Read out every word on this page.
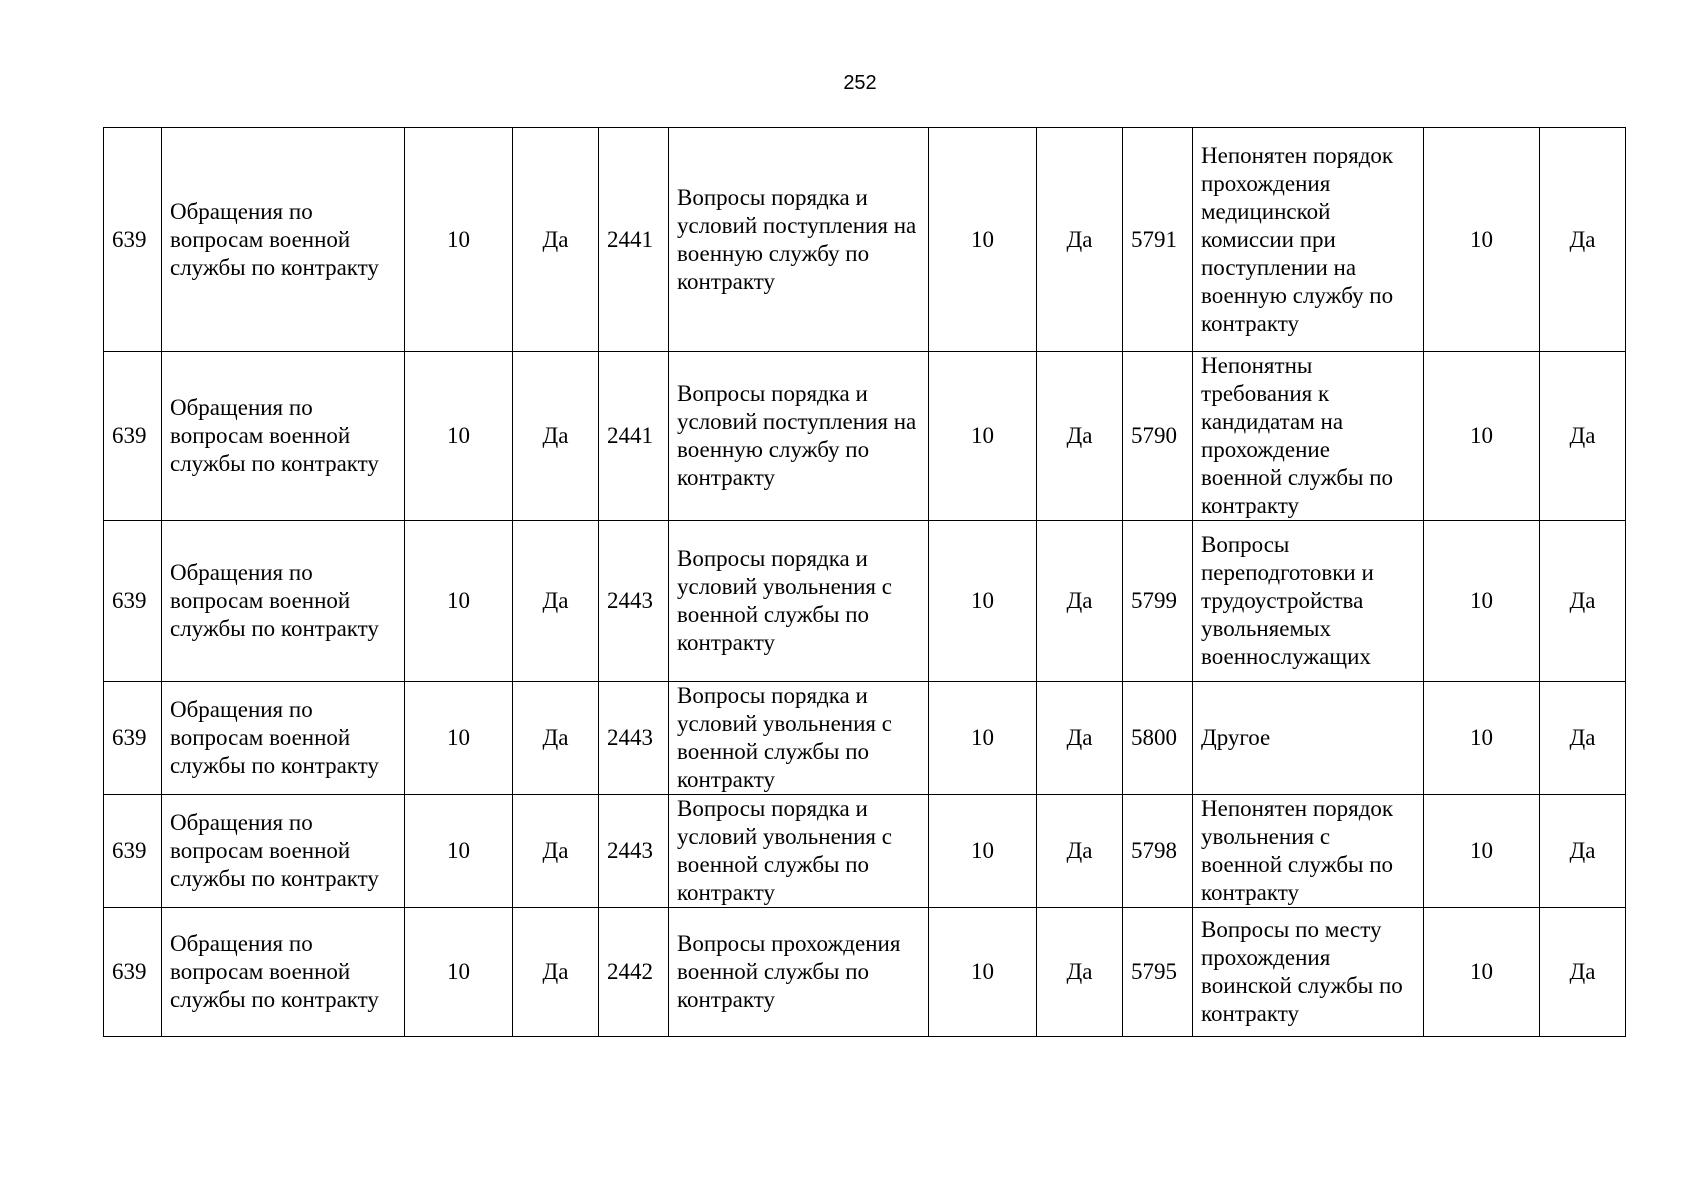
252
639	Обращения по вопросам военной службы по контракту	10	Да	2441	Вопросы порядка и условий поступления на военную службу по контракту	10	Да	5791	Непонятен порядок прохождения медицинской комиссии при поступлении на военную службу по контракту	10	Да
639	Обращения по вопросам военной службы по контракту	10	Да	2441	Вопросы порядка и условий поступления на военную службу по контракту	10	Да	5790	Непонятны требования к кандидатам на прохождение военной службы по контракту	10	Да
639	Обращения по вопросам военной службы по контракту	10	Да	2443	Вопросы порядка и условий увольнения с военной службы по контракту	10	Да	5799	Вопросы переподготовки и трудоустройства увольняемых военнослужащих	10	Да
639	Обращения по вопросам военной службы по контракту	10	Да	2443	Вопросы порядка и условий увольнения с военной службы по контракту	10	Да	5800	Другое	10	Да
639	Обращения по вопросам военной службы по контракту	10	Да	2443	Вопросы порядка и условий увольнения с военной службы по контракту	10	Да	5798	Непонятен порядок увольнения с военной службы по контракту	10	Да
639	Обращения по вопросам военной службы по контракту	10	Да	2442	Вопросы прохождения военной службы по контракту	10	Да	5795	Вопросы по месту прохождения воинской службы по контракту	10	Да
